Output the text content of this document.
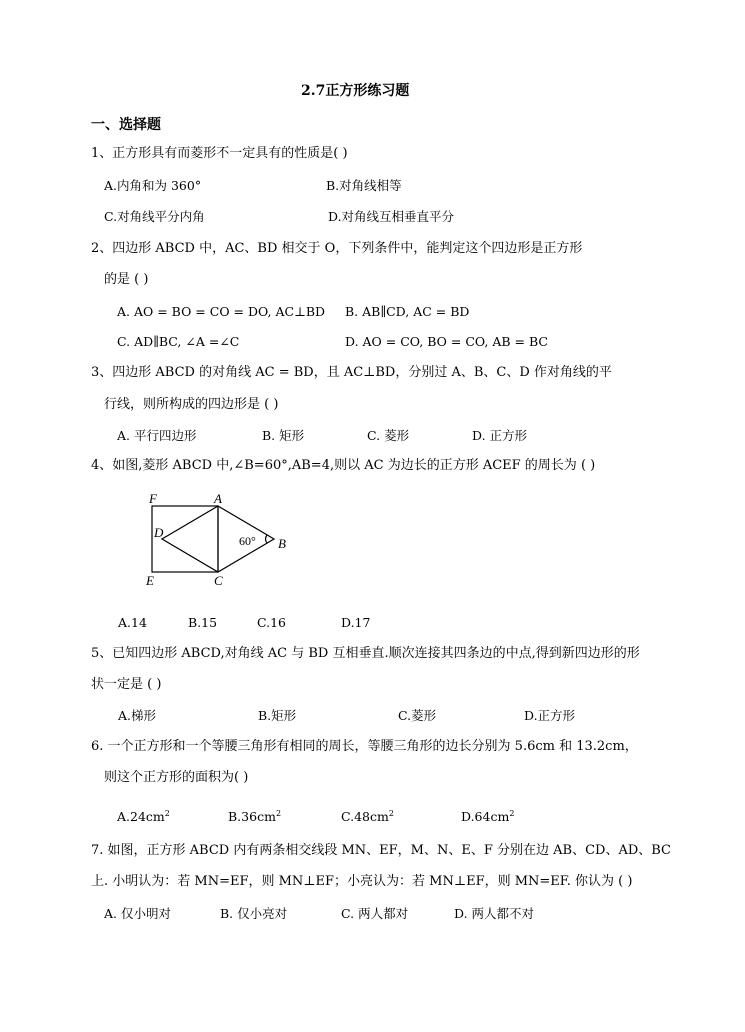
2.7正方形练习题
一、选择题
1、正方形具有而菱形不一定具有的性质是( )
A.内角和为 360°	B.对角线相等
C.对角线平分内角	D.对角线互相垂直平分
2、四边形 ABCD 中，AC、BD 相交于 O，下列条件中，能判定这个四边形是正方形
的是 ( )
A. AO = BO = CO = DO, AC⊥BD B. AB∥CD, AC = BD
C. AD∥BC, ∠A =∠C	D. AO = CO, BO = CO, AB = BC
3、四边形 ABCD 的对角线 AC = BD，且 AC⊥BD，分别过 A、B、C、D 作对角线的平
行线，则所构成的四边形是 ( )
A. 平行四边形	B. 矩形	C. 菱形	D. 正方形
4、如图,菱形 ABCD 中,∠B=60°,AB=4,则以 AC 为边长的正方形 ACEF 的周长为 ( )
F	A
D
B
E	C
60°
A.14	B.15	C.16	D.17
5、已知四边形 ABCD,对角线 AC 与 BD 互相垂直.顺次连接其四条边的中点,得到新四边形的形
状一定是 ( )
A.梯形	B.矩形	C.菱形	D.正方形
6. 一个正方形和一个等腰三角形有相同的周长，等腰三角形的边长分别为 5.6cm 和 13.2cm，
则这个正方形的面积为( )
$A.24cm^2$	$B.36cm^2$	$C.48cm^2$	$D.64cm^2$
7. 如图，正方形 ABCD 内有两条相交线段 MN、EF，M、N、E、F 分别在边 AB、CD、AD、BC
上. 小明认为：若 MN=EF，则 MN⊥EF；小亮认为：若 MN⊥EF，则 MN=EF. 你认为 ( )
A. 仅小明对	B. 仅小亮对	C. 两人都对	D. 两人都不对
